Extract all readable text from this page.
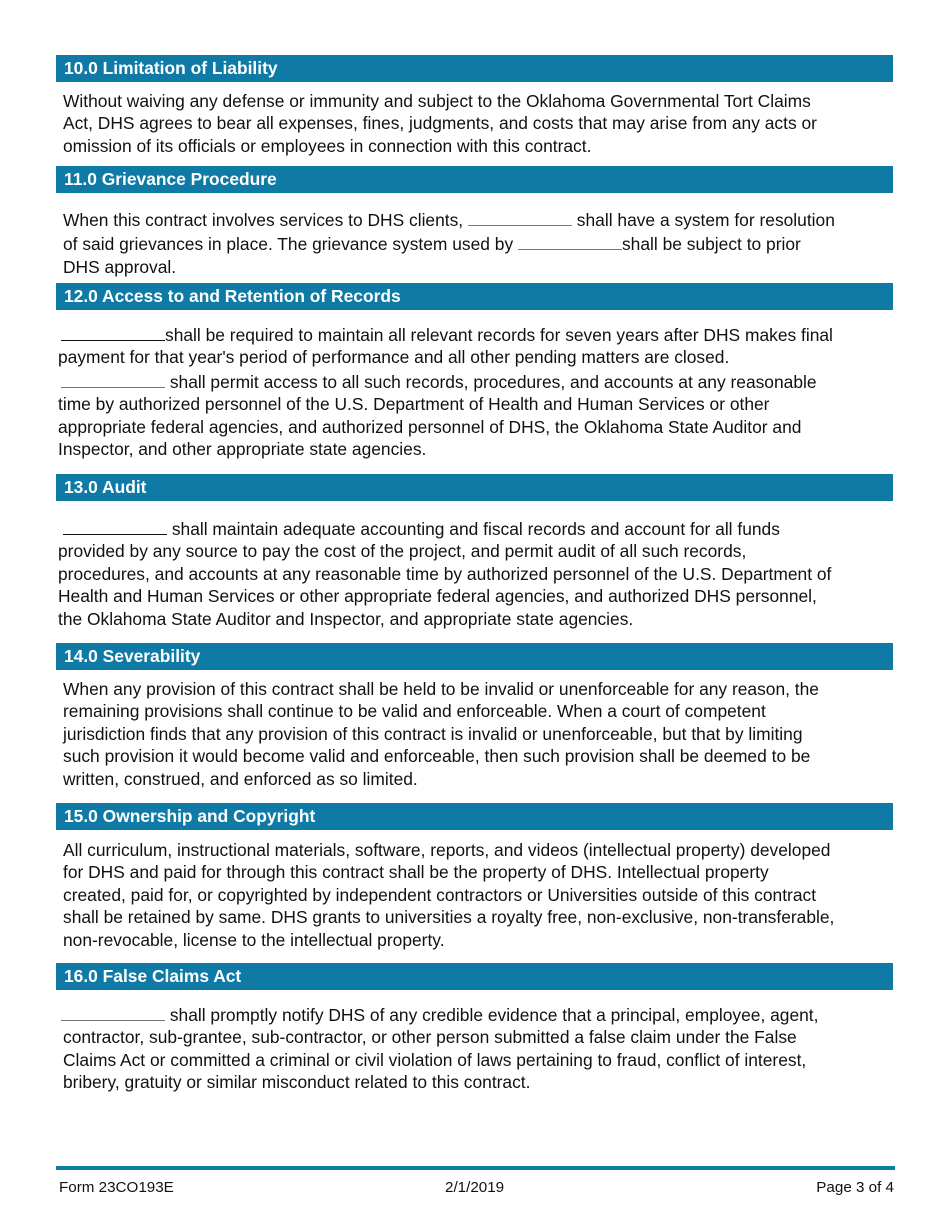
10.0 Limitation of Liability
Without waiving any defense or immunity and subject to the Oklahoma Governmental Tort Claims
Act, DHS agrees to bear all expenses, fines, judgments, and costs that may arise from any acts or
omission of its officials or employees in connection with this contract.
11.0 Grievance Procedure
When this contract involves services to DHS clients,	shall have a system for resolution
of said grievances in place. The grievance system used by	shall be subject to prior
DHS approval.
12.0 Access to and Retention of Records
shall be required to maintain all relevant records for seven years after DHS makes final
payment for that year's period of performance and all other pending matters are closed.
shall permit access to all such records, procedures, and accounts at any reasonable
time by authorized personnel of the U.S. Department of Health and Human Services or other
appropriate federal agencies, and authorized personnel of DHS, the Oklahoma State Auditor and
Inspector, and other appropriate state agencies.
13.0 Audit
shall maintain adequate accounting and fiscal records and account for all funds
provided by any source to pay the cost of the project, and permit audit of all such records,
procedures, and accounts at any reasonable time by authorized personnel of the U.S. Department of
Health and Human Services or other appropriate federal agencies, and authorized DHS personnel,
the Oklahoma State Auditor and Inspector, and appropriate state agencies.
14.0 Severability
When any provision of this contract shall be held to be invalid or unenforceable for any reason, the
remaining provisions shall continue to be valid and enforceable. When a court of competent
jurisdiction finds that any provision of this contract is invalid or unenforceable, but that by limiting
such provision it would become valid and enforceable, then such provision shall be deemed to be
written, construed, and enforced as so limited.
15.0 Ownership and Copyright
All curriculum, instructional materials, software, reports, and videos (intellectual property) developed
for DHS and paid for through this contract shall be the property of DHS. Intellectual property
created, paid for, or copyrighted by independent contractors or Universities outside of this contract
shall be retained by same. DHS grants to universities a royalty free, non-exclusive, non-transferable,
non-revocable, license to the intellectual property.
16.0 False Claims Act
shall promptly notify DHS of any credible evidence that a principal, employee, agent,
contractor, sub-grantee, sub-contractor, or other person submitted a false claim under the False
Claims Act or committed a criminal or civil violation of laws pertaining to fraud, conflict of interest,
bribery, gratuity or similar misconduct related to this contract.
Form 23CO193E	2/1/2019	Page 3 of 4
